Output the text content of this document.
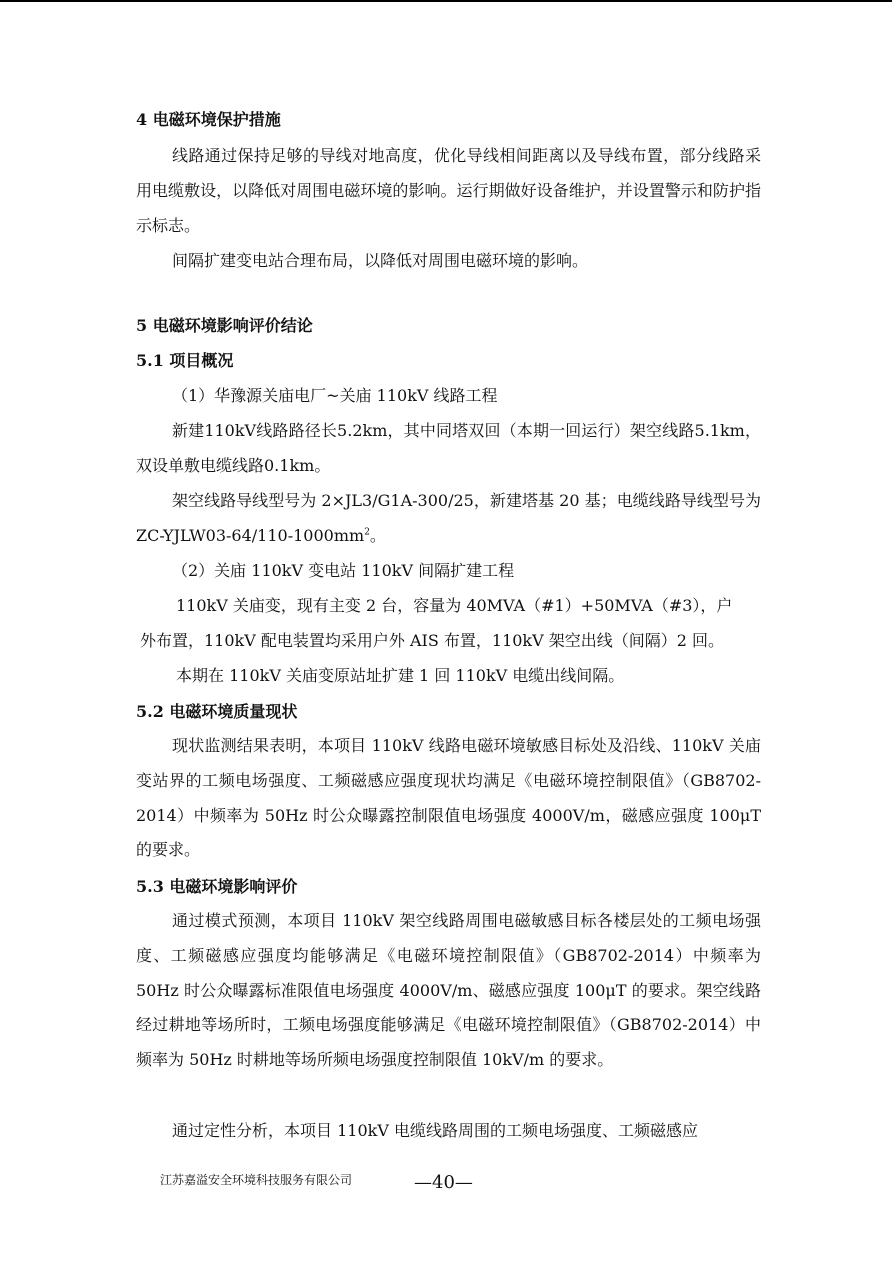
4 电磁环境保护措施

线路通过保持足够的导线对地高度，优化导线相间距离以及导线布置，部分线路采用电缆敷设，以降低对周围电磁环境的影响。运行期做好设备维护，并设置警示和防护指示标志。

间隔扩建变电站合理布局，以降低对周围电磁环境的影响。

5 电磁环境影响评价结论
5.1 项目概况
（1）华豫源关庙电厂~关庙 110kV 线路工程

新建110kV线路路径长5.2km，其中同塔双回（本期一回运行）架空线路5.1km，双设单敷电缆线路0.1km。

架空线路导线型号为 2×JL3/G1A-300/25，新建塔基 20 基；电缆线路导线型号为 $ZC-YJLW03-64/110-1000mm^2$。

（2）关庙 110kV 变电站 110kV 间隔扩建工程
110kV 关庙变，现有主变 2 台，容量为 40MVA（#1）+50MVA（#3），户
外布置，110kV 配电装置均采用户外 AIS 布置，110kV 架空出线（间隔）2 回。
本期在 110kV 关庙变原站址扩建 1 回 110kV 电缆出线间隔。
5.2 电磁环境质量现状

现状监测结果表明，本项目 110kV 线路电磁环境敏感目标处及沿线、110kV 关庙变站界的工频电场强度、工频磁感应强度现状均满足《电磁环境控制限值》（GB8702-2014）中频率为 50Hz 时公众曝露控制限值电场强度 4000V/m，磁感应强度 100μT 的要求。

5.3 电磁环境影响评价

通过模式预测，本项目 110kV 架空线路周围电磁敏感目标各楼层处的工频电场强度、工频磁感应强度均能够满足《电磁环境控制限值》（GB8702-2014）中频率为 50Hz 时公众曝露标准限值电场强度 4000V/m、磁感应强度 100μT 的要求。架空线路经过耕地等场所时，工频电场强度能够满足《电磁环境控制限值》（GB8702-2014）中频率为 50Hz 时耕地等场所频电场强度控制限值 10kV/m 的要求。

通过定性分析，本项目 110kV 电缆线路周围的工频电场强度、工频磁感应

江苏嘉溢安全环境科技服务有限公司	—40—
